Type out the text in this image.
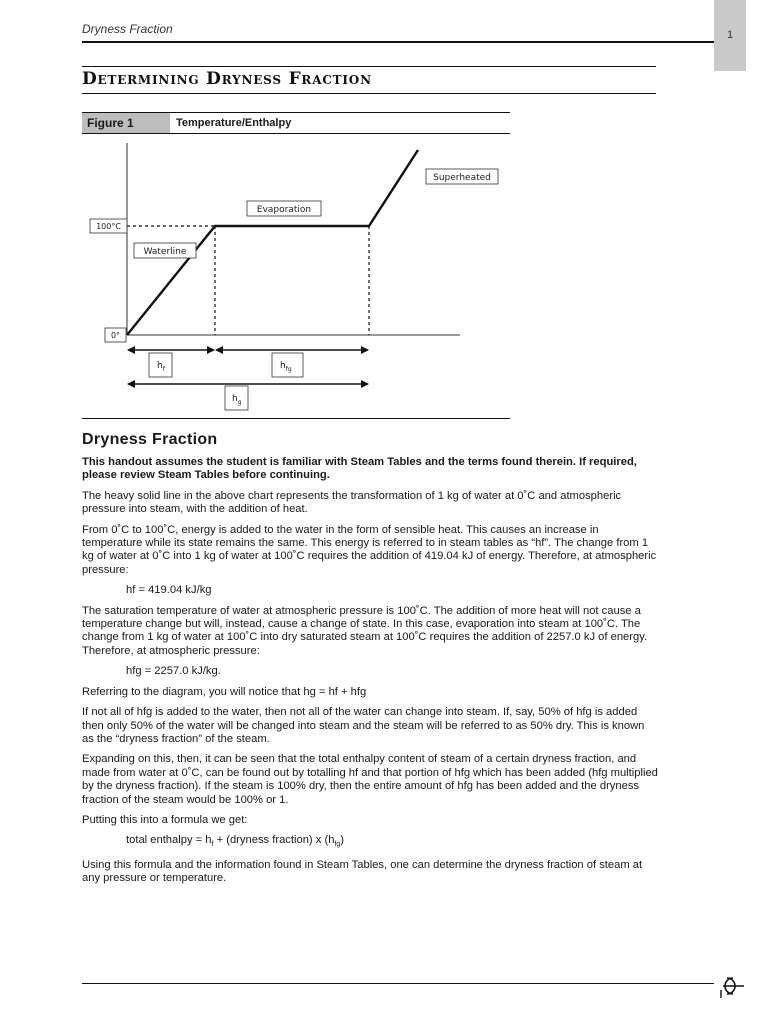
Dryness Fraction	1
Determining Dryness Fraction
Figure 1	Temperature/Enthalpy
100°C
0°
Waterline
Evaporation
Superheated
$h_f$	$h_{fg}$
$h_g$
Dryness Fraction

This handout assumes the student is familiar with Steam Tables and the terms found therein. If required, please review Steam Tables before continuing.

The heavy solid line in the above chart represents the transformation of 1 kg of water at 0˚C and atmospheric pressure into steam, with the addition of heat.

From 0˚C to 100˚C, energy is added to the water in the form of sensible heat. This causes an increase in temperature while its state remains the same. This energy is referred to in steam tables as “hf”. The change from 1 kg of water at 0˚C into 1 kg of water at 100˚C requires the addition of 419.04 kJ of energy. Therefore, at atmospheric pressure:

hf = 419.04 kJ/kg

The saturation temperature of water at atmospheric pressure is 100˚C. The addition of more heat will not cause a temperature change but will, instead, cause a change of state. In this case, evaporation into steam at 100˚C. The change from 1 kg of water at 100˚C into dry saturated steam at 100˚C requires the addition of 2257.0 kJ of energy. Therefore, at atmospheric pressure:

hfg = 2257.0 kJ/kg.

Referring to the diagram, you will notice that hg = hf + hfg

If not all of hfg is added to the water, then not all of the water can change into steam. If, say, 50% of hfg is added then only 50% of the water will be changed into steam and the steam will be referred to as 50% dry. This is known as the “dryness fraction” of the steam.

Expanding on this, then, it can be seen that the total enthalpy content of steam of a certain dryness fraction, and made from water at 0˚C, can be found out by totalling hf and that portion of hfg which has been added (hfg multiplied by the dryness fraction). If the steam is 100% dry, then the entire amount of hfg has been added and the dryness fraction of the steam would be 100% or 1.

Putting this into a formula we get:

total enthalpy = $h_f$ + (dryness fraction) x $(h_{fg})$

Using this formula and the information found in Steam Tables, one can determine the dryness fraction of steam at any pressure or temperature.
